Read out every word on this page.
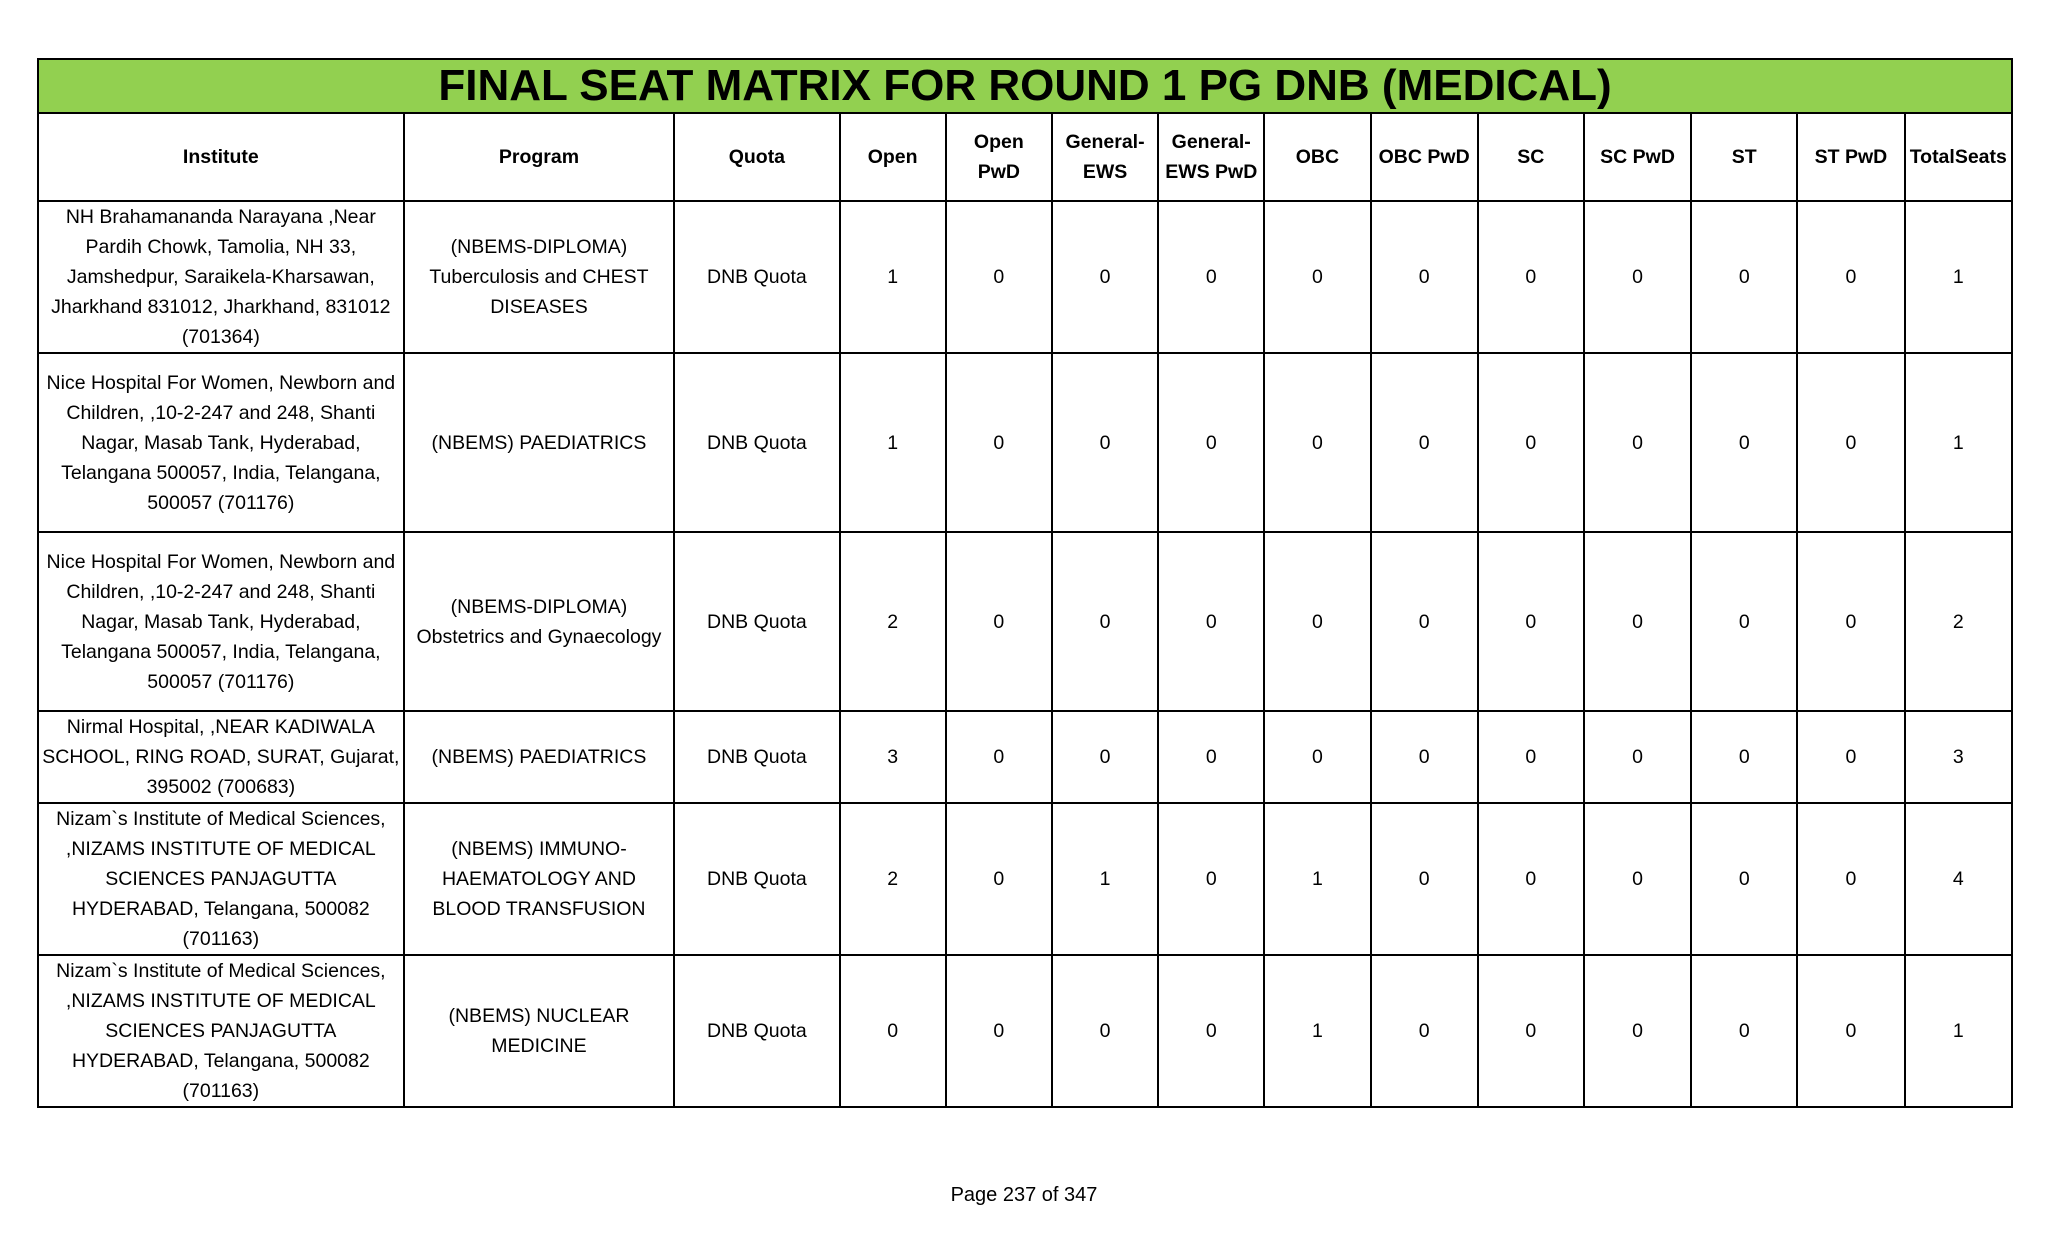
FINAL SEAT MATRIX FOR ROUND 1 PG DNB (MEDICAL)													
Institute	Program	Quota	Open	Open PwD	General-EWS	General-EWS PwD	OBC	OBC PwD	SC	SC PwD	ST	ST PwD	TotalSeats
NH Brahamananda Narayana ,Near Pardih Chowk, Tamolia, NH 33, Jamshedpur, Saraikela-Kharsawan, Jharkhand 831012, Jharkhand, 831012 (701364)	(NBEMS-DIPLOMA) Tuberculosis and CHEST DISEASES	DNB Quota	1	0	0	0	0	0	0	0	0	0	1
Nice Hospital For Women, Newborn and Children, ,10-2-247 and 248, Shanti Nagar, Masab Tank, Hyderabad, Telangana 500057, India, Telangana, 500057 (701176)	(NBEMS) PAEDIATRICS	DNB Quota	1	0	0	0	0	0	0	0	0	0	1
Nice Hospital For Women, Newborn and Children, ,10-2-247 and 248, Shanti Nagar, Masab Tank, Hyderabad, Telangana 500057, India, Telangana, 500057 (701176)	(NBEMS-DIPLOMA) Obstetrics and Gynaecology	DNB Quota	2	0	0	0	0	0	0	0	0	0	2
Nirmal Hospital, ,NEAR KADIWALA SCHOOL, RING ROAD, SURAT, Gujarat, 395002 (700683)	(NBEMS) PAEDIATRICS	DNB Quota	3	0	0	0	0	0	0	0	0	0	3
Nizam`s Institute of Medical Sciences, ,NIZAMS INSTITUTE OF MEDICAL SCIENCES PANJAGUTTA HYDERABAD, Telangana, 500082 (701163)	(NBEMS) IMMUNO-HAEMATOLOGY AND BLOOD TRANSFUSION	DNB Quota	2	0	1	0	1	0	0	0	0	0	4
Nizam`s Institute of Medical Sciences, ,NIZAMS INSTITUTE OF MEDICAL SCIENCES PANJAGUTTA HYDERABAD, Telangana, 500082 (701163)	(NBEMS) NUCLEAR MEDICINE	DNB Quota	0	0	0	0	1	0	0	0	0	0	1
Page 237 of 347
